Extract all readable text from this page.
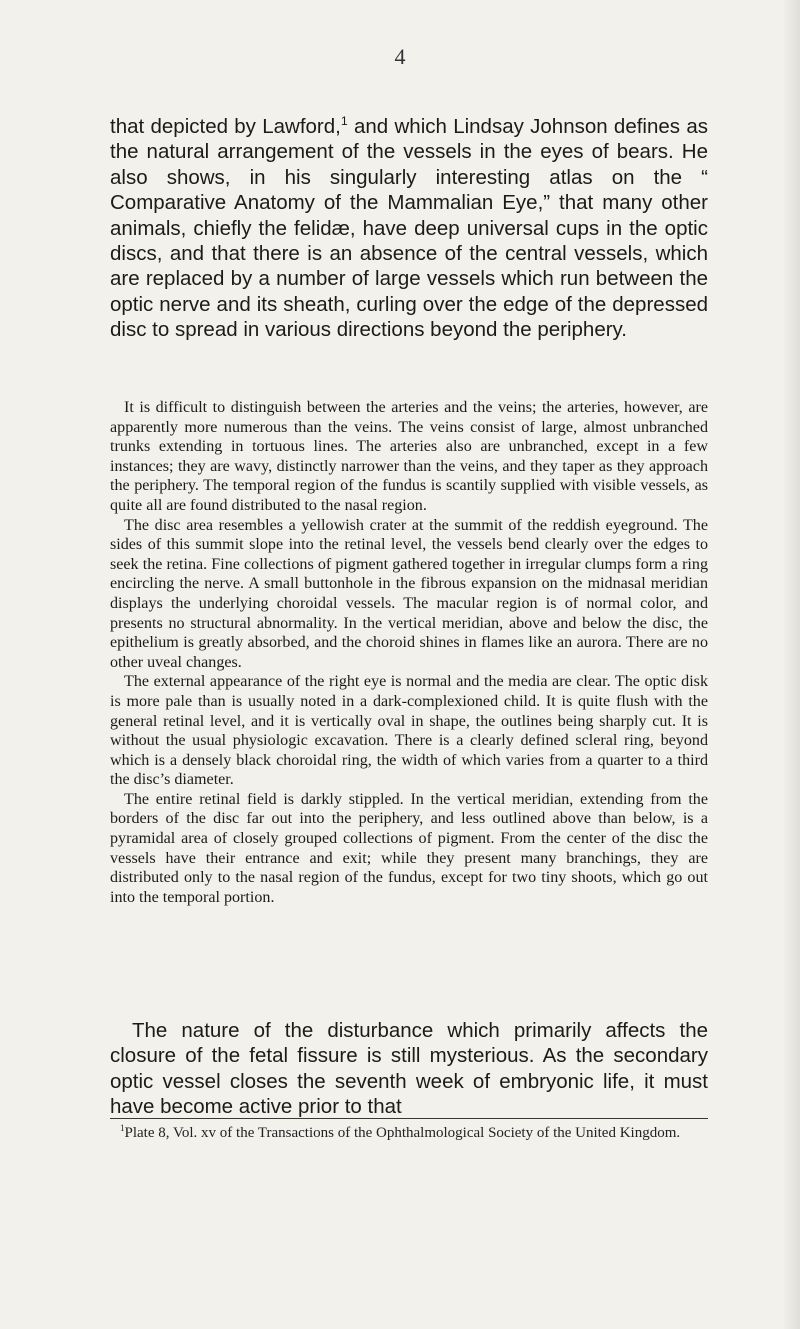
4

that depicted by Lawford,$^1$ and which Lindsay Johnson defines as the natural arrangement of the vessels in the eyes of bears. He also shows, in his singularly interesting atlas on the “ Comparative Anatomy of the Mammalian Eye,” that many other animals, chiefly the felidæ, have deep universal cups in the optic discs, and that there is an absence of the central vessels, which are replaced by a number of large vessels which run between the optic nerve and its sheath, curling over the edge of the depressed disc to spread in various directions beyond the periphery.

It is difficult to distinguish between the arteries and the veins; the arteries, however, are apparently more numerous than the veins. The veins consist of large, almost unbranched trunks extending in tortuous lines. The arteries also are unbranched, except in a few instances; they are wavy, distinctly narrower than the veins, and they taper as they approach the periphery. The temporal region of the fundus is scantily supplied with visible vessels, as quite all are found distributed to the nasal region.

The disc area resembles a yellowish crater at the summit of the reddish eyeground. The sides of this summit slope into the retinal level, the vessels bend clearly over the edges to seek the retina. Fine collections of pigment gathered together in irregular clumps form a ring encircling the nerve. A small buttonhole in the fibrous expansion on the midnasal meridian displays the underlying choroidal vessels. The macular region is of normal color, and presents no structural abnormality. In the vertical meridian, above and below the disc, the epithelium is greatly absorbed, and the choroid shines in flames like an aurora. There are no other uveal changes.

The external appearance of the right eye is normal and the media are clear. The optic disk is more pale than is usually noted in a dark-complexioned child. It is quite flush with the general retinal level, and it is vertically oval in shape, the outlines being sharply cut. It is without the usual physiologic excavation. There is a clearly defined scleral ring, beyond which is a densely black choroidal ring, the width of which varies from a quarter to a third the disc’s diameter.

The entire retinal field is darkly stippled. In the vertical meridian, extending from the borders of the disc far out into the periphery, and less outlined above than below, is a pyramidal area of closely grouped collections of pigment. From the center of the disc the vessels have their entrance and exit; while they present many branchings, they are distributed only to the nasal region of the fundus, except for two tiny shoots, which go out into the temporal portion.

The nature of the disturbance which primarily affects the closure of the fetal fissure is still mysterious. As the secondary optic vessel closes the seventh week of embryonic life, it must have become active prior to that

$^1$Plate 8, Vol. xv of the Transactions of the Ophthalmological Society of the United Kingdom.
